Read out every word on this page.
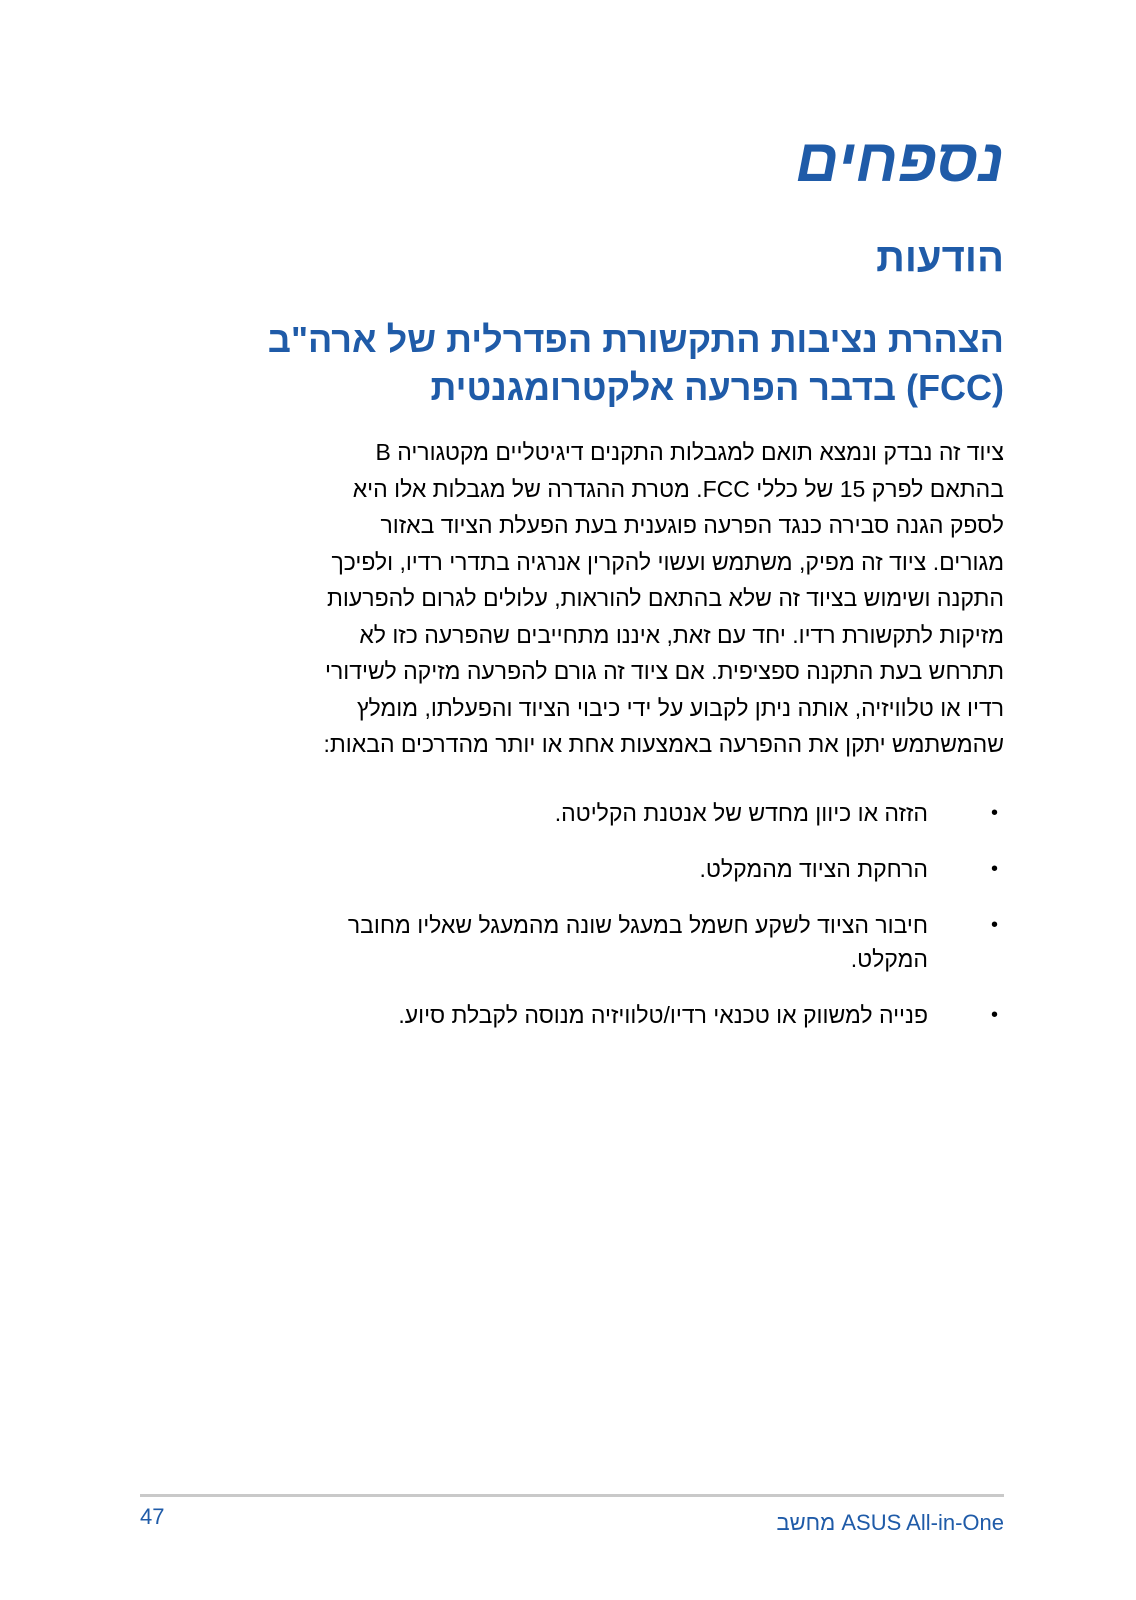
נספחים
הודעות
הצהרת נציבות התקשורת הפדרלית של ארה"ב
(FCC) בדבר הפרעה אלקטרומגנטית

ציוד זה נבדק ונמצא תואם למגבלות התקנים דיגיטליים מקטגוריה B
בהתאם לפרק 15 של כללי FCC. מטרת ההגדרה של מגבלות אלו היא
לספק הגנה סבירה כנגד הפרעה פוגענית בעת הפעלת הציוד באזור
מגורים. ציוד זה מפיק, משתמש ועשוי להקרין אנרגיה בתדרי רדיו, ולפיכך
התקנה ושימוש בציוד זה שלא בהתאם להוראות, עלולים לגרום להפרעות
מזיקות לתקשורת רדיו. יחד עם זאת, איננו מתחייבים שהפרעה כזו לא
תתרחש בעת התקנה ספציפית. אם ציוד זה גורם להפרעה מזיקה לשידורי
רדיו או טלוויזיה, אותה ניתן לקבוע על ידי כיבוי הציוד והפעלתו, מומלץ
שהמשתמש יתקן את ההפרעה באמצעות אחת או יותר מהדרכים הבאות:

•
הזזה או כיוון מחדש של אנטנת הקליטה.
•
הרחקת הציוד מהמקלט.
•
חיבור הציוד לשקע חשמל במעגל שונה מהמעגל שאליו מחובר המקלט.
•
פנייה למשווק או טכנאי רדיו/טלוויזיה מנוסה לקבלת סיוע.
47	ASUS All-in-One מחשב
